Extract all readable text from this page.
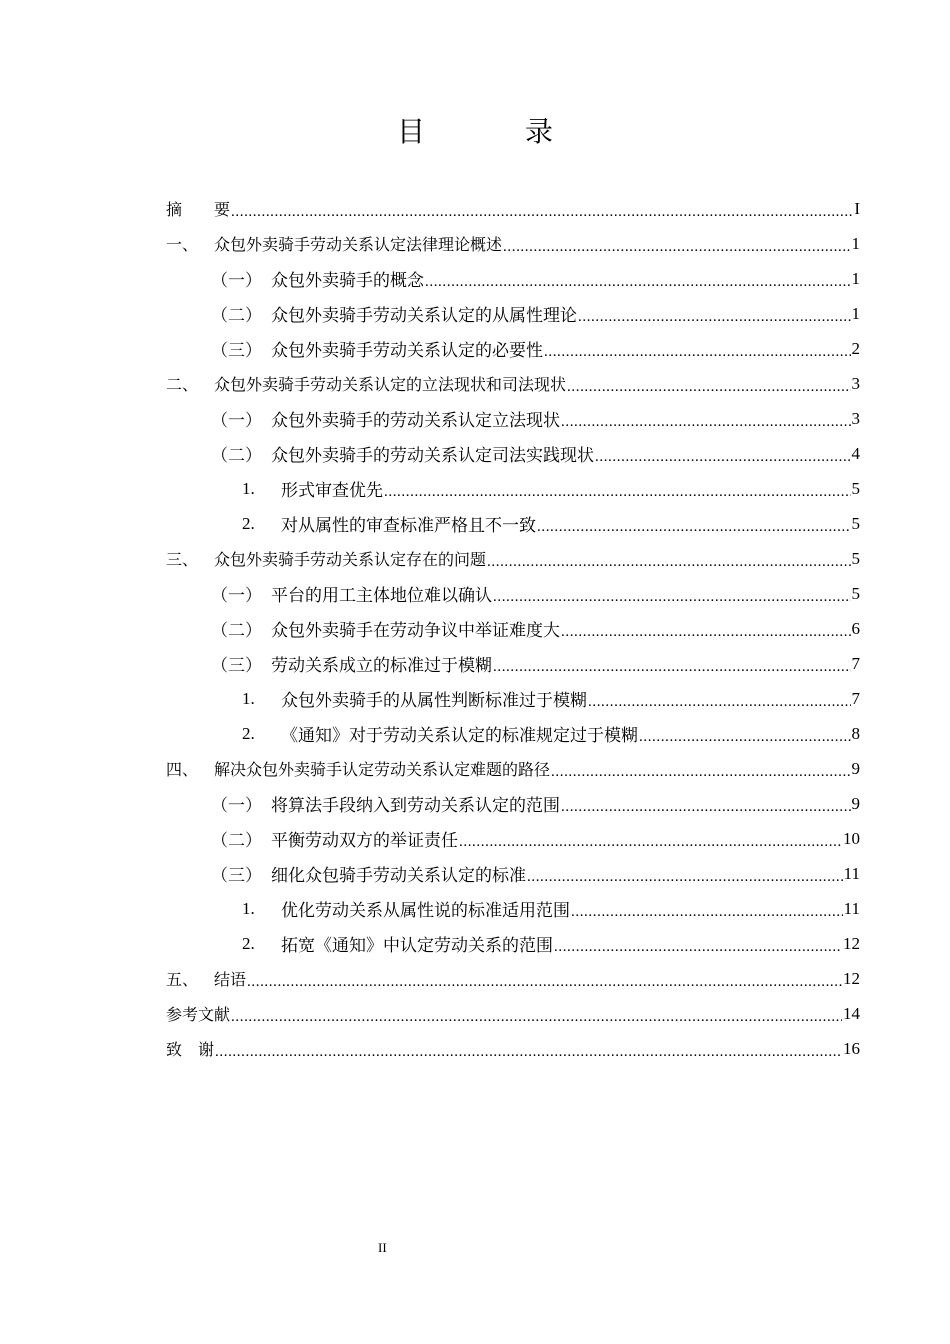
目　录
摘　　要 .....	I
一、 众包外卖骑手劳动关系认定法律理论概述 .....	1
（一） 众包外卖骑手的概念 .....	1
（二） 众包外卖骑手劳动关系认定的从属性理论 .....	1
（三） 众包外卖骑手劳动关系认定的必要性 .....	2
二、 众包外卖骑手劳动关系认定的立法现状和司法现状 .....	3
（一） 众包外卖骑手的劳动关系认定立法现状 .....	3
（二） 众包外卖骑手的劳动关系认定司法实践现状 .....	4
1.	形式审查优先 .....	5
2.	对从属性的审查标准严格且不一致 .....	5
三、 众包外卖骑手劳动关系认定存在的问题 .....	5
（一） 平台的用工主体地位难以确认 .....	5
（二） 众包外卖骑手在劳动争议中举证难度大 .....	6
（三） 劳动关系成立的标准过于模糊 .....	7
1.	众包外卖骑手的从属性判断标准过于模糊 .....	7
2.	《通知》对于劳动关系认定的标准规定过于模糊 .....	8
四、 解决众包外卖骑手认定劳动关系认定难题的路径 .....	9
（一） 将算法手段纳入到劳动关系认定的范围 .....	9
（二） 平衡劳动双方的举证责任 .....	10
（三） 细化众包骑手劳动关系认定的标准 .....	11
1.	优化劳动关系从属性说的标准适用范围 .....	11
2.	拓宽《通知》中认定劳动关系的范围 .....	12
五、 结语 .....	12
参考文献 .....	14
致　谢 .....	16
II
